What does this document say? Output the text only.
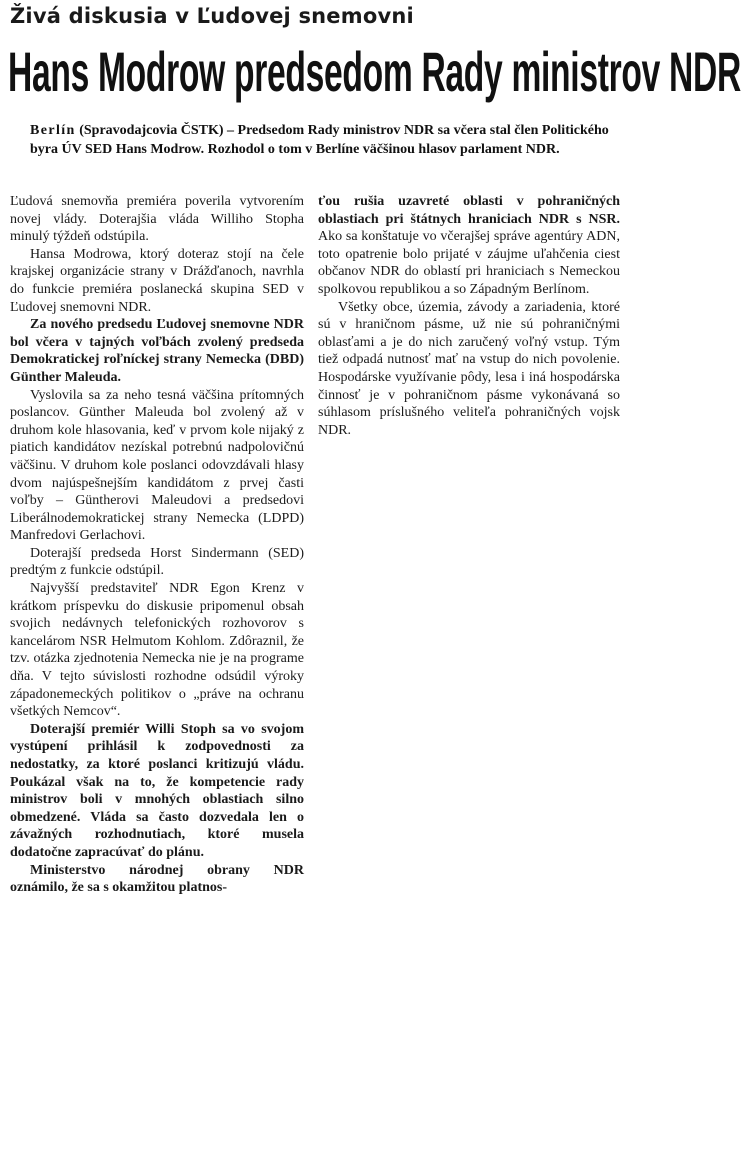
Živá diskusia v Ľudovej snemovni
Hans Modrow predsedom Rady ministrov NDR
Berlín (Spravodajcovia ČSTK) – Predsedom Rady ministrov NDR sa včera stal člen Politického byra ÚV SED Hans Modrow. Rozhodol o tom v Berlíne väčšinou hlasov parlament NDR.

Ľudová snemovňa premiéra poverila vytvorením novej vlády. Doterajšia vláda Williho Stopha minulý týždeň odstúpila.

Hansa Modrowa, ktorý doteraz stojí na čele krajskej organizácie strany v Drážďanoch, navrhla do funkcie premiéra poslanecká skupina SED v Ľudovej snemovni NDR.

Za nového predsedu Ľudovej snemovne NDR bol včera v tajných voľbách zvolený predseda Demokratickej roľníckej strany Nemecka (DBD) Günther Maleuda.

Vyslovila sa za neho tesná väčšina prítomných poslancov. Günther Maleuda bol zvolený až v druhom kole hlasovania, keď v prvom kole nijaký z piatich kandidátov nezískal potrebnú nadpolovičnú väčšinu. V druhom kole poslanci odovzdávali hlasy dvom najúspešnejším kandidátom z prvej časti voľby – Güntherovi Maleudovi a predsedovi Liberálnodemokratickej strany Nemecka (LDPD) Manfredovi Gerlachovi.

Doterajší predseda Horst Sindermann (SED) predtým z funkcie odstúpil.

Najvyšší predstaviteľ NDR Egon Krenz v krátkom príspevku do diskusie pripomenul obsah svojich nedávnych telefonických rozhovorov s kancelárom NSR Helmutom Kohlom. Zdôraznil, že tzv. otázka zjednotenia Nemecka nie je na programe dňa. V tejto súvislosti rozhodne odsúdil výroky západonemeckých politikov o „práve na ochranu všetkých Nemcov“.

Doterajší premiér Willi Stoph sa vo svojom vystúpení prihlásil k zodpovednosti za nedostatky, za ktoré poslanci kritizujú vládu. Poukázal však na to, že kompetencie rady ministrov boli v mnohých oblastiach silno obmedzené. Vláda sa často dozvedala len o závažných rozhodnutiach, ktoré musela dodatočne zapracúvať do plánu.

Ministerstvo národnej obrany NDR oznámilo, že sa s okamžitou platnos-

ťou rušia uzavreté oblasti v pohraničných oblastiach pri štátnych hraniciach NDR s NSR. Ako sa konštatuje vo včerajšej správe agentúry ADN, toto opatrenie bolo prijaté v záujme uľahčenia ciest občanov NDR do oblastí pri hraniciach s Nemeckou spolkovou republikou a so Západným Berlínom.

Všetky obce, územia, závody a zariadenia, ktoré sú v hraničnom pásme, už nie sú pohraničnými oblasťami a je do nich zaručený voľný vstup. Tým tiež odpadá nutnosť mať na vstup do nich povolenie. Hospodárske využívanie pôdy, lesa i iná hospodárska činnosť je v pohraničnom pásme vykonávaná so súhlasom príslušného veliteľa pohraničných vojsk NDR.
